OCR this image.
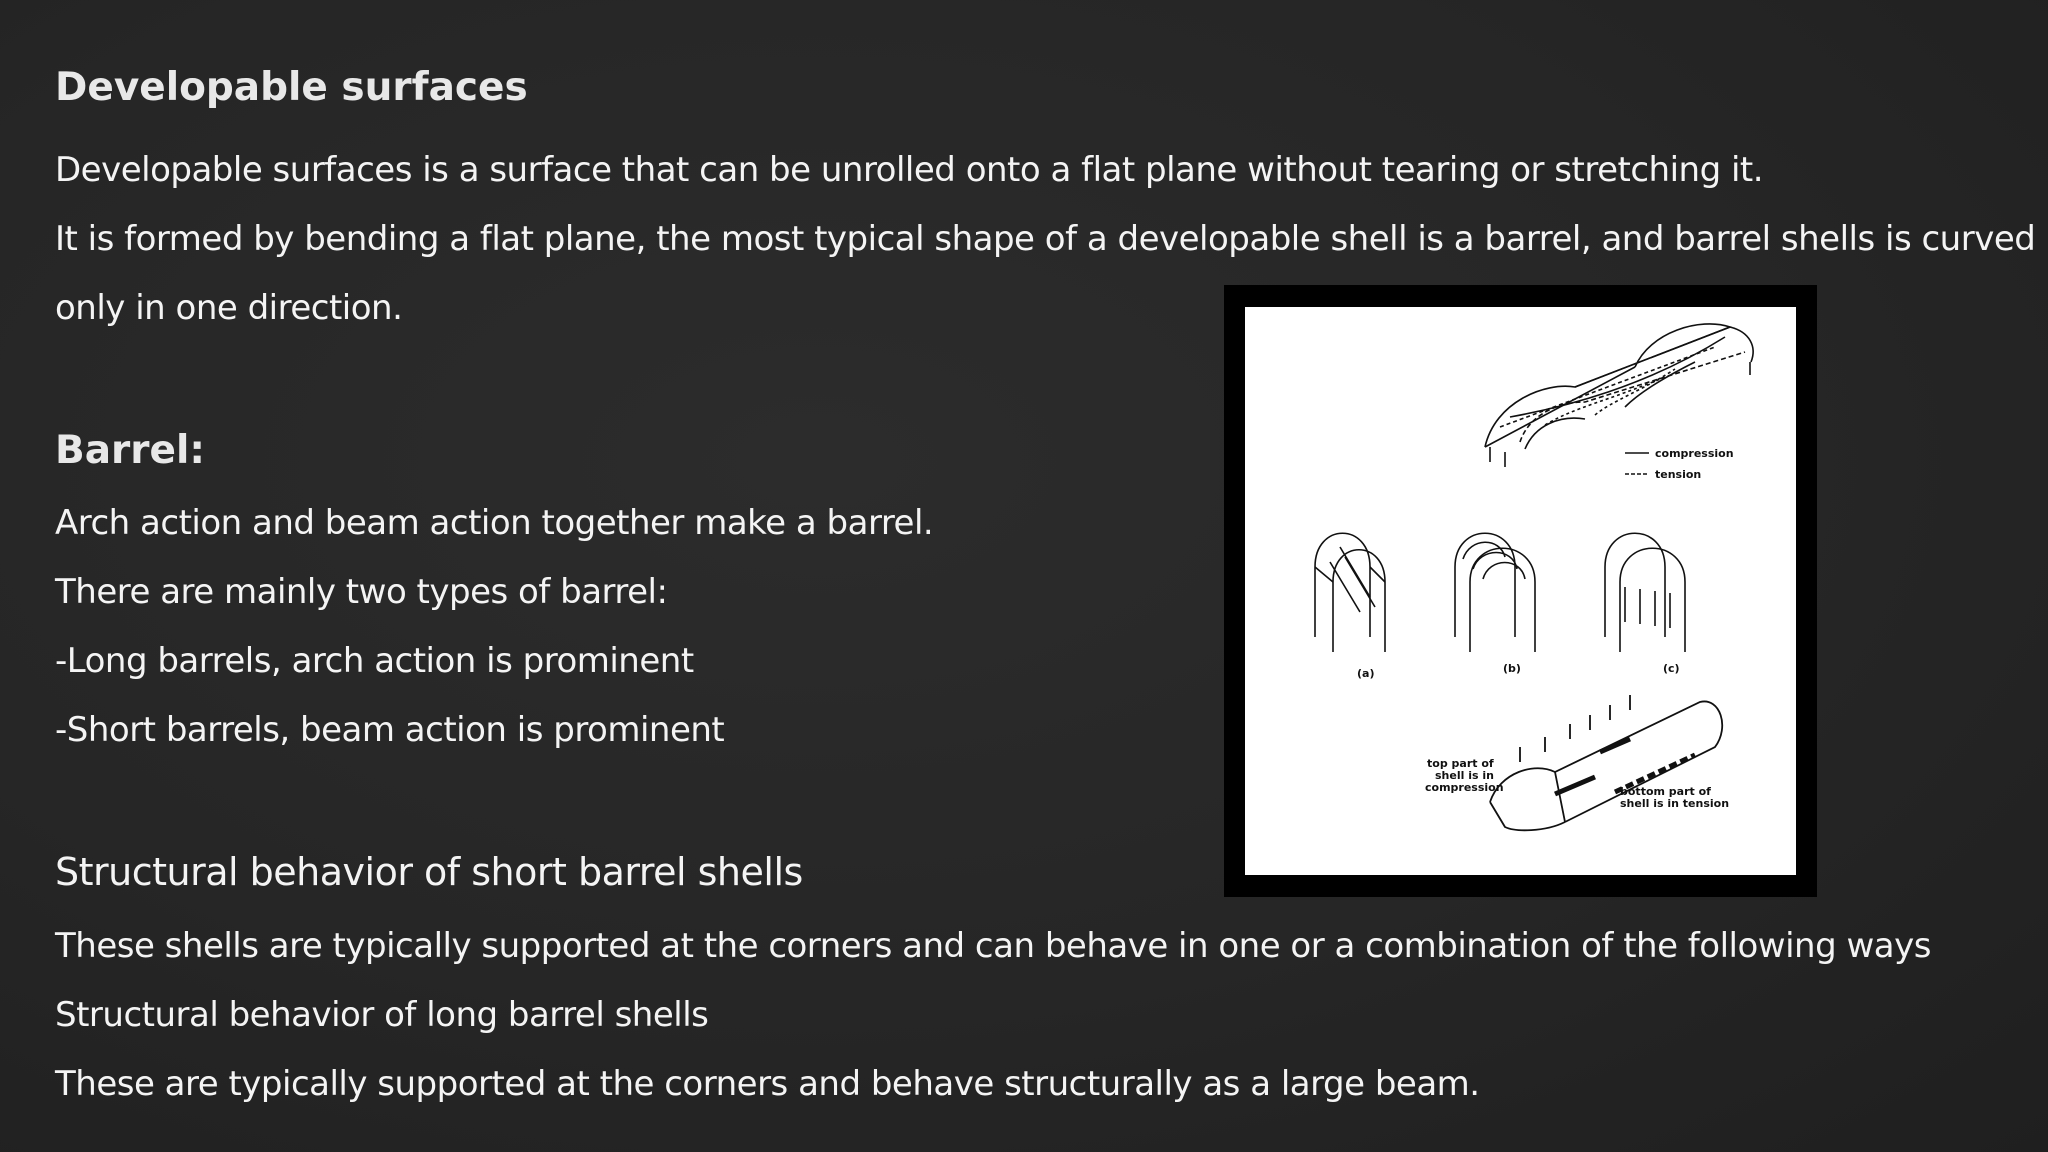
Developable surfaces
Developable surfaces is a surface that can be unrolled onto a flat plane without tearing or stretching it.
It is formed by bending a flat plane, the most typical shape of a developable shell is a barrel, and barrel shells is curved
only in one direction.
Barrel:
Arch action and beam action together make a barrel.
There are mainly two types of barrel:
-Long barrels, arch action is prominent
-Short barrels, beam action is prominent
Structural behavior of short barrel shells
These shells are typically supported at the corners and can behave in one or a combination of the following ways
Structural behavior of long barrel shells
These are typically supported at the corners and behave structurally as a large beam.
compression
tension
(a)	(b)	(c)
top part of
shell is in
compression	bottom part of
shell is in tension
